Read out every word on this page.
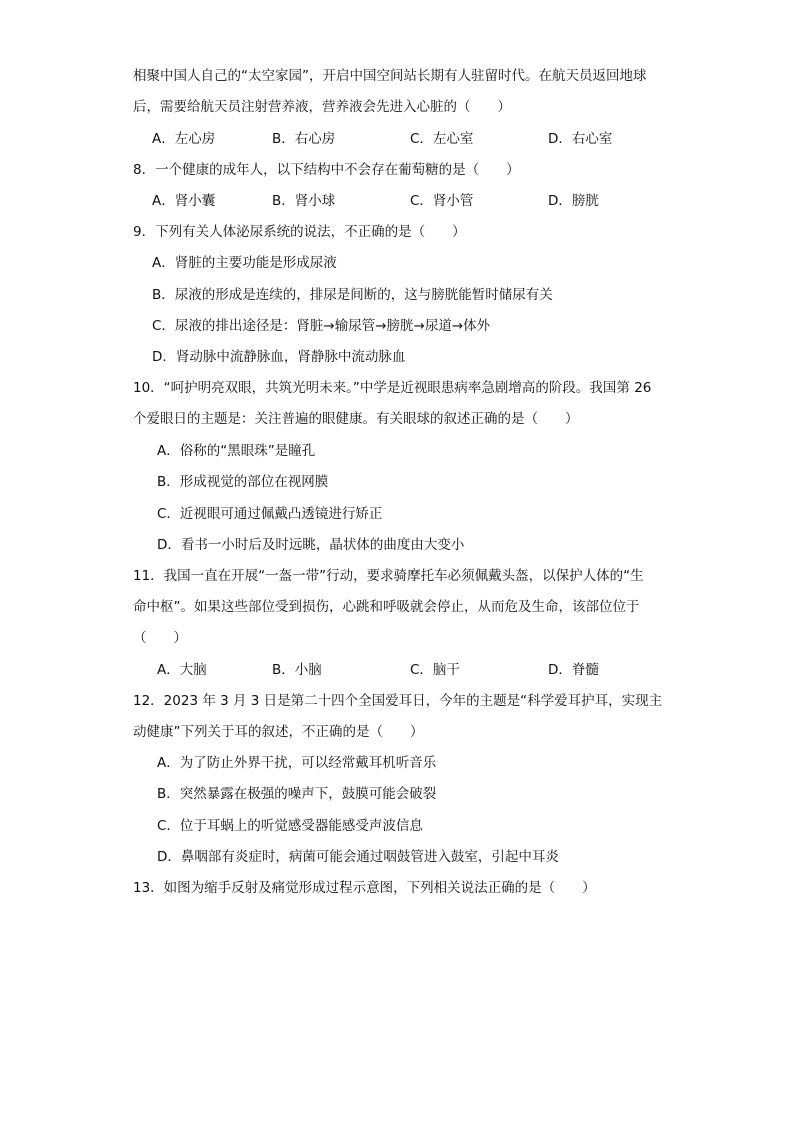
相聚中国人自己的“太空家园”，开启中国空间站长期有人驻留时代。在航天员返回地球
后，需要给航天员注射营养液，营养液会先进入心脏的（　　）
A．左心房	B．右心房	C．左心室	D．右心室
8．一个健康的成年人，以下结构中不会存在葡萄糖的是（　　）
A．肾小囊	B．肾小球	C．肾小管	D．膀胱
9．下列有关人体泌尿系统的说法，不正确的是（　　）
A．肾脏的主要功能是形成尿液
B．尿液的形成是连续的，排尿是间断的，这与膀胱能暂时储尿有关
C．尿液的排出途径是：肾脏→输尿管→膀胱→尿道→体外
D．肾动脉中流静脉血，肾静脉中流动脉血
10．“呵护明亮双眼，共筑光明未来。”中学是近视眼患病率急剧增高的阶段。我国第 26
个爱眼日的主题是：关注普遍的眼健康。有关眼球的叙述正确的是（　　）
A．俗称的“黑眼珠”是瞳孔
B．形成视觉的部位在视网膜
C．近视眼可通过佩戴凸透镜进行矫正
D．看书一小时后及时远眺，晶状体的曲度由大变小
11．我国一直在开展“一盔一带”行动，要求骑摩托车必须佩戴头盔，以保护人体的“生
命中枢”。如果这些部位受到损伤，心跳和呼吸就会停止，从而危及生命，该部位位于
（　　）
A．大脑	B．小脑	C．脑干	D．脊髓
12．2023 年 3 月 3 日是第二十四个全国爱耳日，今年的主题是“科学爱耳护耳，实现主
动健康”下列关于耳的叙述，不正确的是（　　）
A．为了防止外界干扰，可以经常戴耳机听音乐
B．突然暴露在极强的噪声下，鼓膜可能会破裂
C．位于耳蜗上的听觉感受器能感受声波信息
D．鼻咽部有炎症时，病菌可能会通过咽鼓管进入鼓室，引起中耳炎
13．如图为缩手反射及痛觉形成过程示意图，下列相关说法正确的是（　　）
